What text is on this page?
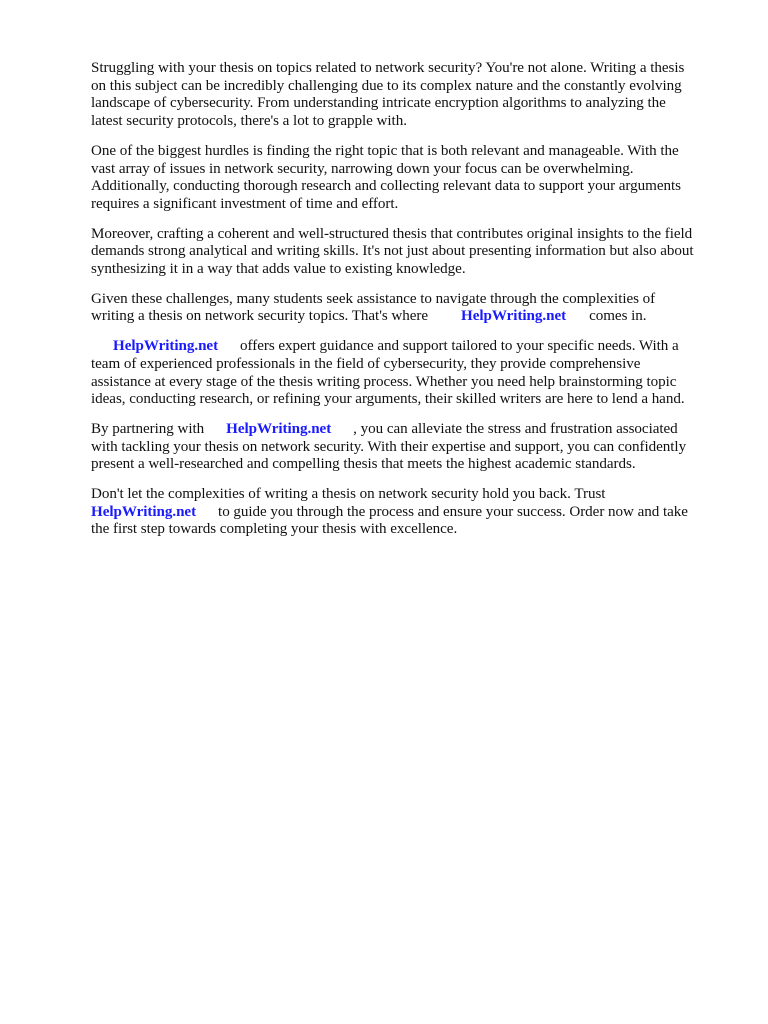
Struggling with your thesis on topics related to network security? You're not alone. Writing a thesis
on this subject can be incredibly challenging due to its complex nature and the constantly evolving
landscape of cybersecurity. From understanding intricate encryption algorithms to analyzing the
latest security protocols, there's a lot to grapple with.

One of the biggest hurdles is finding the right topic that is both relevant and manageable. With the
vast array of issues in network security, narrowing down your focus can be overwhelming.
Additionally, conducting thorough research and collecting relevant data to support your arguments
requires a significant investment of time and effort.

Moreover, crafting a coherent and well-structured thesis that contributes original insights to the field
demands strong analytical and writing skills. It's not just about presenting information but also about
synthesizing it in a way that adds value to existing knowledge.

Given these challenges, many students seek assistance to navigate through the complexities of
writing a thesis on network security topics. That's where HelpWriting.net comes in.

HelpWriting.net offers expert guidance and support tailored to your specific needs. With a
team of experienced professionals in the field of cybersecurity, they provide comprehensive
assistance at every stage of the thesis writing process. Whether you need help brainstorming topic
ideas, conducting research, or refining your arguments, their skilled writers are here to lend a hand.

By partnering with HelpWriting.net , you can alleviate the stress and frustration associated
with tackling your thesis on network security. With their expertise and support, you can confidently
present a well-researched and compelling thesis that meets the highest academic standards.

Don't let the complexities of writing a thesis on network security hold you back. Trust
HelpWriting.net to guide you through the process and ensure your success. Order now and take
the first step towards completing your thesis with excellence.
